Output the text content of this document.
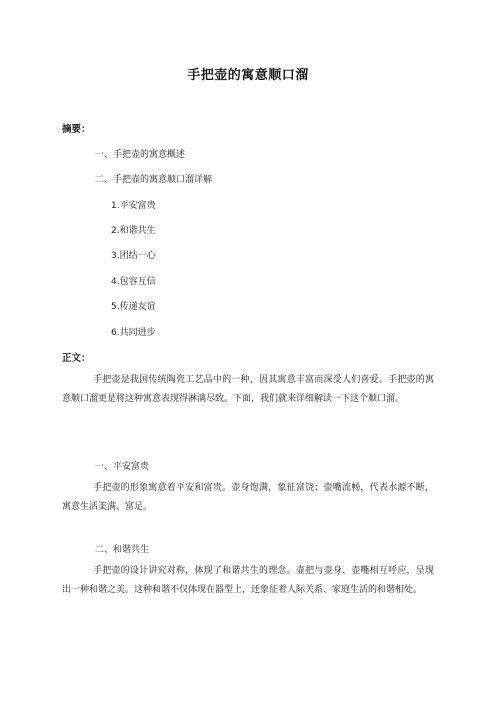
手把壶的寓意顺口溜
摘要：
一、手把壶的寓意概述
二、手把壶的寓意顺口溜详解
1.平安富贵
2.和谐共生
3.团结一心
4.包容互信
5.传递友谊
6.共同进步
正文：

手把壶是我国传统陶瓷工艺品中的一种，因其寓意丰富而深受人们喜爱。手把壶的寓意顺口溜更是将这种寓意表现得淋漓尽致。下面，我们就来详细解读一下这个顺口溜。

一、平安富贵

手把壶的形象寓意着平安和富贵。壶身饱满，象征富饶；壶嘴流畅，代表水源不断，寓意生活美满、富足。

二、和谐共生

手把壶的设计讲究对称，体现了和谐共生的理念。壶把与壶身、壶嘴相互呼应，呈现出一种和谐之美。这种和谐不仅体现在器型上，还象征着人际关系、家庭生活的和谐相处。
